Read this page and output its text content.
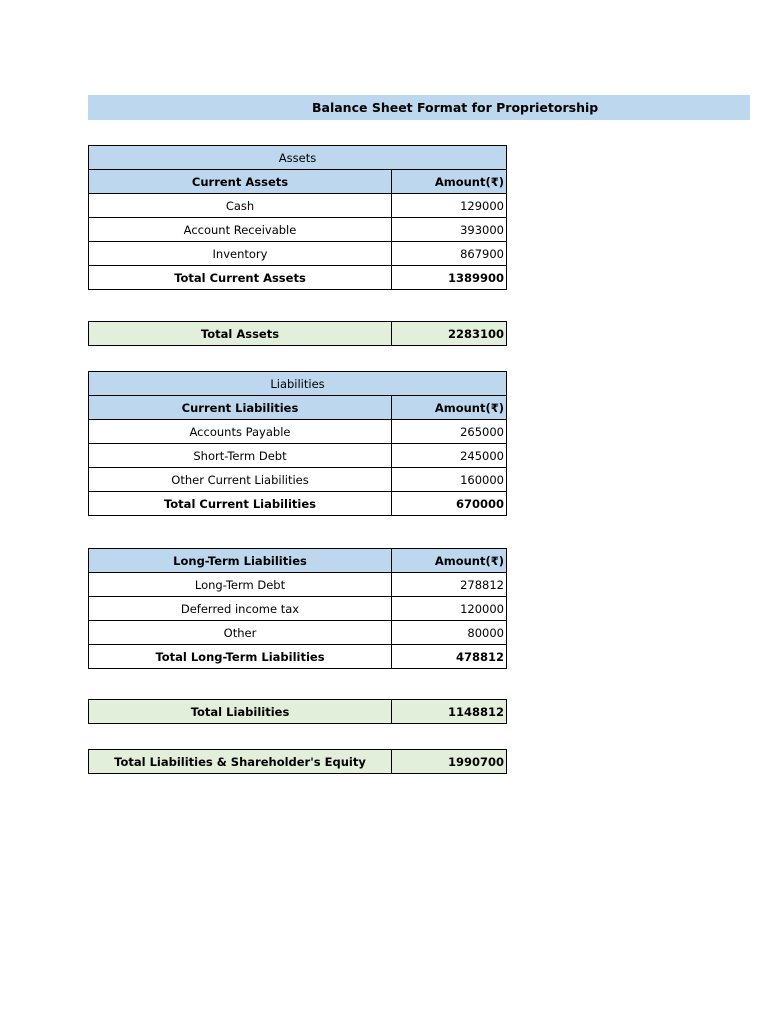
Balance Sheet Format for Proprietorship
Assets	
Current Assets	Amount(₹)
Cash	129000
Account Receivable	393000
Inventory	867900
Total Current Assets	1389900
Total Assets	2283100
Liabilities	
Current Liabilities	Amount(₹)
Accounts Payable	265000
Short-Term Debt	245000
Other Current Liabilities	160000
Total Current Liabilities	670000
Long-Term Liabilities	Amount(₹)
Long-Term Debt	278812
Deferred income tax	120000
Other	80000
Total Long-Term Liabilities	478812
Total Liabilities	1148812
Total Liabilities & Shareholder's Equity	1990700
